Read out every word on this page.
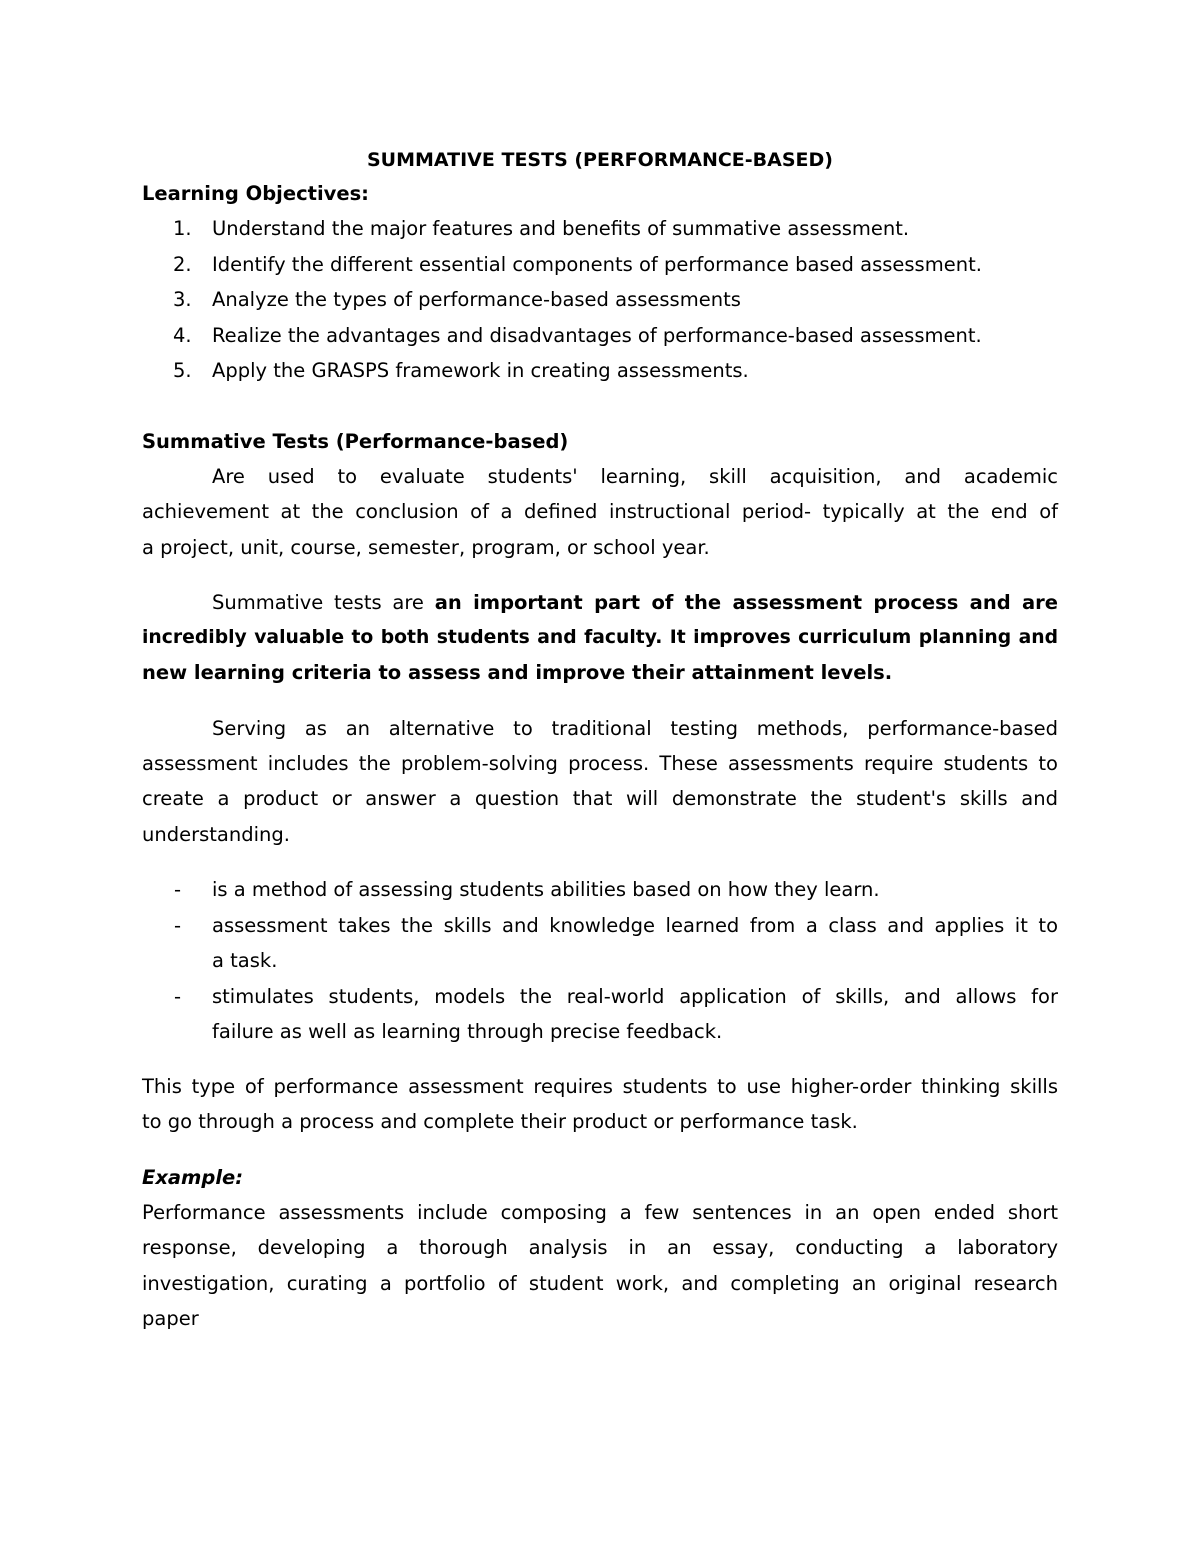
SUMMATIVE TESTS (PERFORMANCE-BASED)
Learning Objectives:
1. Understand the major features and benefits of summative assessment.
2. Identify the different essential components of performance based assessment.
3. Analyze the types of performance-based assessments
4. Realize the advantages and disadvantages of performance-based assessment.
5. Apply the GRASPS framework in creating assessments.
Summative Tests (Performance-based)
Are used to evaluate students' learning, skill acquisition, and academic
achievement at the conclusion of a defined instructional period- typically at the end of
a project, unit, course, semester, program, or school year.
Summative tests are an important part of the assessment process and are
incredibly valuable to both students and faculty. It improves curriculum planning and
new learning criteria to assess and improve their attainment levels.
Serving as an alternative to traditional testing methods, performance-based
assessment includes the problem-solving process. These assessments require students to
create a product or answer a question that will demonstrate the student's skills and
understanding.
- is a method of assessing students abilities based on how they learn.
- assessment takes the skills and knowledge learned from a class and applies it to
a task.
- stimulates students, models the real-world application of skills, and allows for
failure as well as learning through precise feedback.
This type of performance assessment requires students to use higher-order thinking skills
to go through a process and complete their product or performance task.
Example:
Performance assessments include composing a few sentences in an open ended short
response, developing a thorough analysis in an essay, conducting a laboratory
investigation, curating a portfolio of student work, and completing an original research
paper
